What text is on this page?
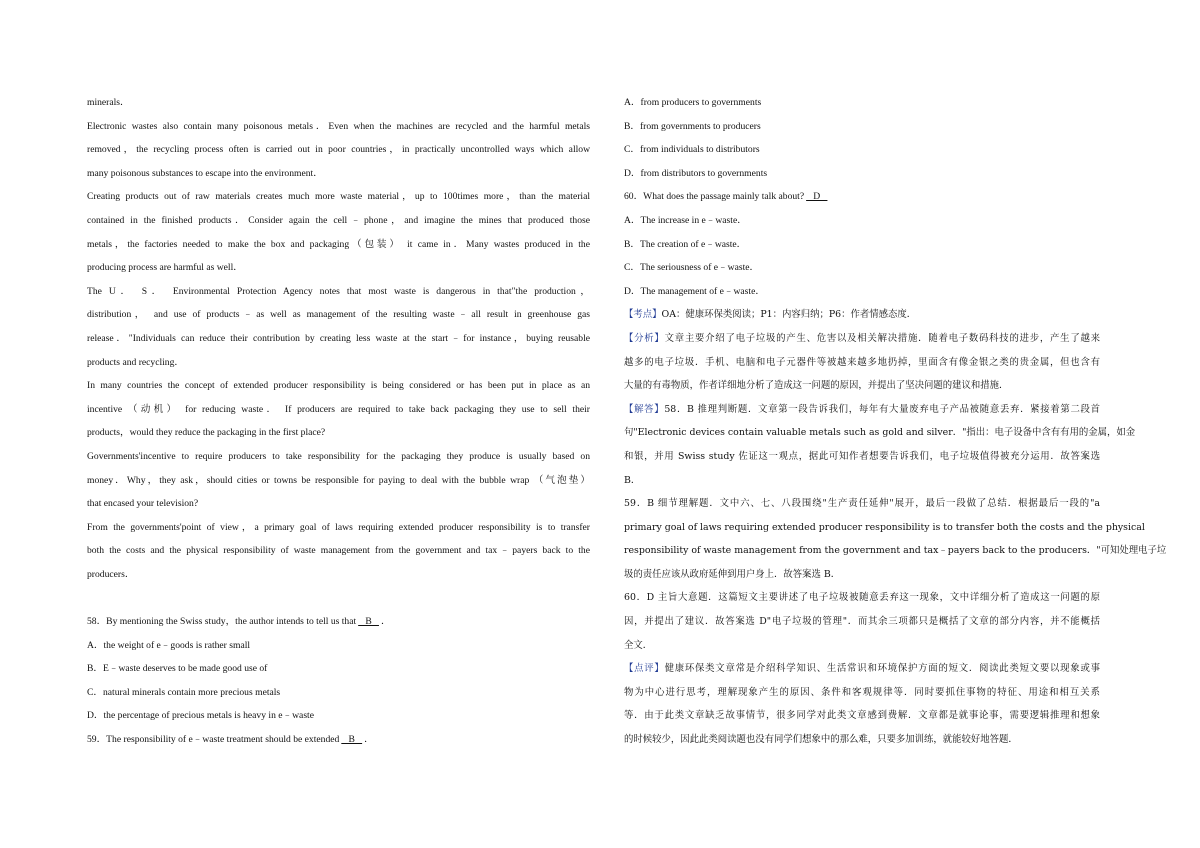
minerals．
Electronic wastes also contain many poisonous metals．Even when the machines are recycled and the harmful metals
removed，the recycling process often is carried out in poor countries，in practically uncontrolled ways which allow
many poisonous substances to escape into the environment．
Creating products out of raw materials creates much more waste material，up to 100times more，than the material
contained in the finished products．Consider again the cell﹣phone，and imagine the mines that produced those
metals，the factories needed to make the box and packaging（包装） it came in．Many wastes produced in the
producing process are harmful as well．
The U． S． Environmental Protection Agency notes that most waste is dangerous in that"the production，
distribution， and use of products﹣as well as management of the resulting waste﹣all result in greenhouse gas
release．"Individuals can reduce their contribution by creating less waste at the start﹣for instance，buying reusable
products and recycling．
In many countries the concept of extended producer responsibility is being considered or has been put in place as an
incentive （动机） for reducing waste． If producers are required to take back packaging they use to sell their
products，would they reduce the packaging in the first place?
Governments'incentive to require producers to take responsibility for the packaging they produce is usually based on
money．Why，they ask，should cities or towns be responsible for paying to deal with the bubble wrap （气泡垫）
that encased your television?
From the governments'point of view，a primary goal of laws requiring extended producer responsibility is to transfer
both the costs and the physical responsibility of waste management from the government and tax﹣payers back to the
producers．
58．By mentioning the Swiss study，the author intends to tell us that   B   ．
A．the weight of e﹣goods is rather small
B．E﹣waste deserves to be made good use of
C．natural minerals contain more precious metals
D．the percentage of precious metals is heavy in e﹣waste
59．The responsibility of e﹣waste treatment should be extended   B   ．
A．from producers to governments
B．from governments to producers
C．from individuals to distributors
D．from distributors to governments
60．What does the passage mainly talk about?   D
A．The increase in e﹣waste．
B．The creation of e﹣waste．
C．The seriousness of e﹣waste．
D．The management of e﹣waste．
【考点】OA：健康环保类阅读；P1：内容归纳；P6：作者情感态度．
【分析】文章主要介绍了电子垃圾的产生、危害以及相关解决措施．随着电子数码科技的进步，产生了越来
越多的电子垃圾．手机、电脑和电子元器件等被越来越多地扔掉，里面含有像金银之类的贵金属，但也含有
大量的有毒物质，作者详细地分析了造成这一问题的原因，并提出了坚决问题的建议和措施．
【解答】58．B 推理判断题．文章第一段告诉我们，每年有大量废弃电子产品被随意丢弃．紧接着第二段首
句"Electronic devices contain valuable metals such as gold and silver．"指出：电子设备中含有有用的金属，如金
和银，并用 Swiss study 佐证这一观点，据此可知作者想要告诉我们，电子垃圾值得被充分运用．故答案选
B．
59．B 细节理解题．文中六、七、八段围绕"生产责任延伸"展开，最后一段做了总结．根据最后一段的"a
primary goal of laws requiring extended producer responsibility is to transfer both the costs and the physical
responsibility of waste management from the government and tax﹣payers back to the producers．"可知处理电子垃
圾的责任应该从政府延伸到用户身上．故答案选 B．
60．D 主旨大意题．这篇短文主要讲述了电子垃圾被随意丢弃这一现象，文中详细分析了造成这一问题的原
因，并提出了建议．故答案选 D"电子垃圾的管理"．而其余三项都只是概括了文章的部分内容，并不能概括
全文．
【点评】健康环保类文章常是介绍科学知识、生活常识和环境保护方面的短文．阅读此类短文要以现象或事
物为中心进行思考，理解现象产生的原因、条件和客观规律等．同时要抓住事物的特征、用途和相互关系
等．由于此类文章缺乏故事情节，很多同学对此类文章感到费解．文章都是就事论事，需要逻辑推理和想象
的时候较少，因此此类阅读题也没有同学们想象中的那么难，只要多加训练，就能较好地答题．
